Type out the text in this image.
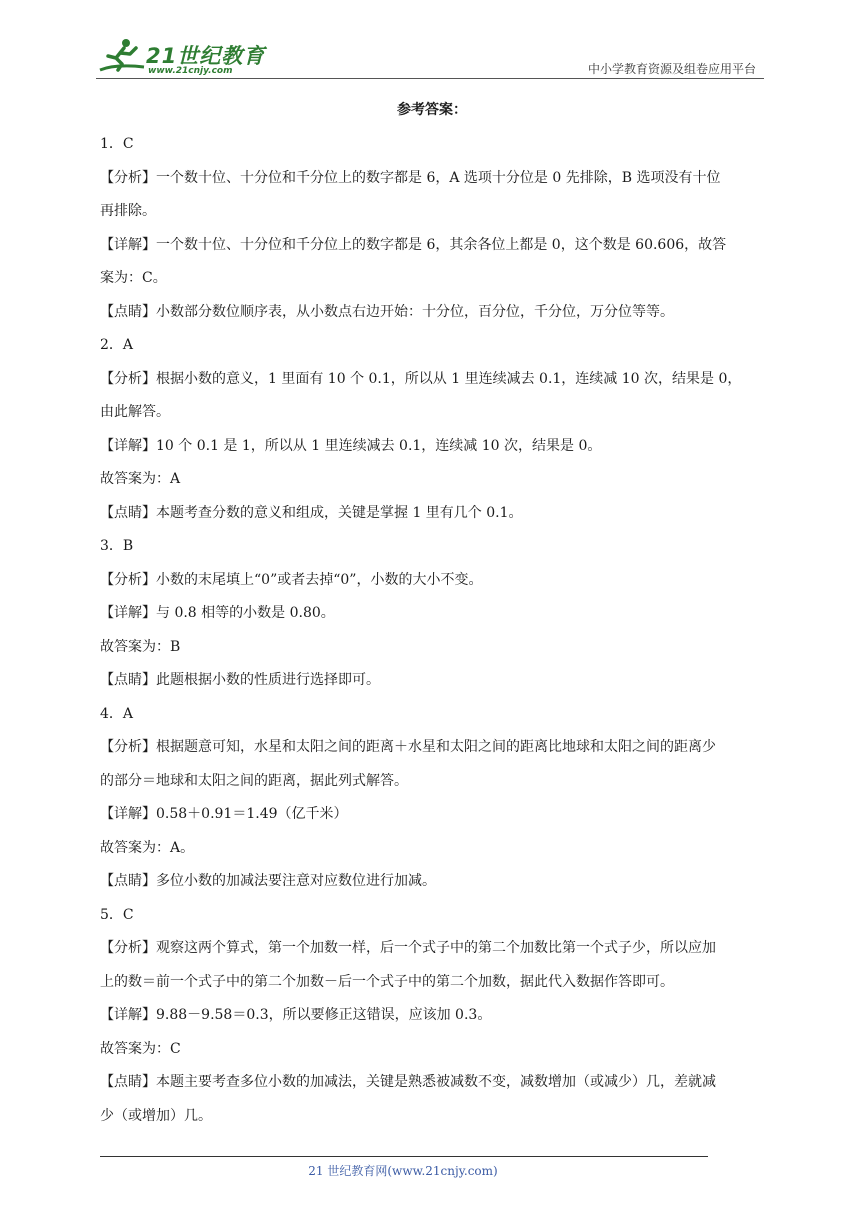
21世纪教育
www.21cnjy.com	中小学教育资源及组卷应用平台
参考答案：
1．C
【分析】一个数十位、十分位和千分位上的数字都是 6，A 选项十分位是 0 先排除，B 选项没有十位
再排除。
【详解】一个数十位、十分位和千分位上的数字都是 6，其余各位上都是 0，这个数是 60.606，故答
案为：C。
【点睛】小数部分数位顺序表，从小数点右边开始：十分位，百分位，千分位，万分位等等。
2．A
【分析】根据小数的意义，1 里面有 10 个 0.1，所以从 1 里连续减去 0.1，连续减 10 次，结果是 0，
由此解答。
【详解】10 个 0.1 是 1，所以从 1 里连续减去 0.1，连续减 10 次，结果是 0。
故答案为：A
【点睛】本题考查分数的意义和组成，关键是掌握 1 里有几个 0.1。
3．B
【分析】小数的末尾填上“0”或者去掉“0”，小数的大小不变。
【详解】与 0.8 相等的小数是 0.80。
故答案为：B
【点睛】此题根据小数的性质进行选择即可。
4．A
【分析】根据题意可知，水星和太阳之间的距离＋水星和太阳之间的距离比地球和太阳之间的距离少
的部分＝地球和太阳之间的距离，据此列式解答。
【详解】0.58＋0.91＝1.49（亿千米）
故答案为：A。
【点睛】多位小数的加减法要注意对应数位进行加减。
5．C
【分析】观察这两个算式，第一个加数一样，后一个式子中的第二个加数比第一个式子少，所以应加
上的数＝前一个式子中的第二个加数－后一个式子中的第二个加数，据此代入数据作答即可。
【详解】9.88－9.58＝0.3，所以要修正这错误，应该加 0.3。
故答案为：C
【点睛】本题主要考查多位小数的加减法，关键是熟悉被减数不变，减数增加（或减少）几，差就减
少（或增加）几。
21 世纪教育网(www.21cnjy.com)
